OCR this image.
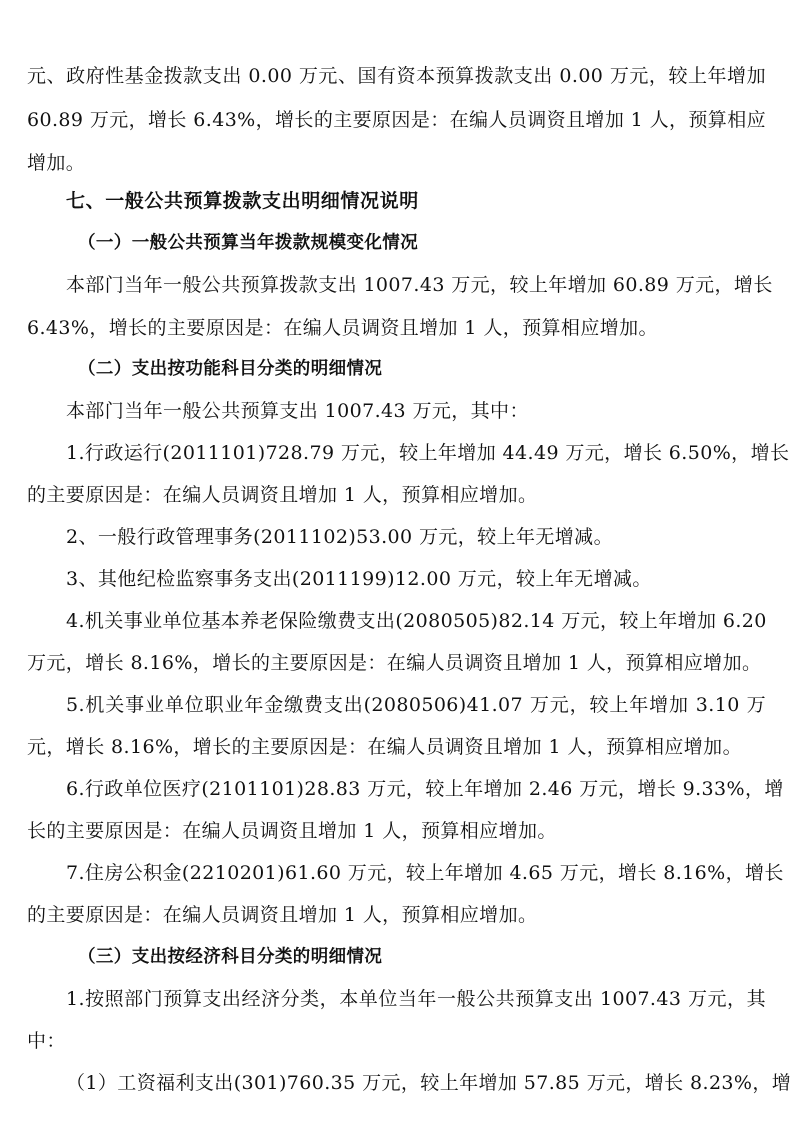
元、政府性基金拨款支出 0.00 万元、国有资本预算拨款支出 0.00 万元，较上年增加
60.89 万元，增长 6.43%，增长的主要原因是：在编人员调资且增加 1 人，预算相应
增加。
七、一般公共预算拨款支出明细情况说明
（一）一般公共预算当年拨款规模变化情况
本部门当年一般公共预算拨款支出 1007.43 万元，较上年增加 60.89 万元，增长
6.43%，增长的主要原因是：在编人员调资且增加 1 人，预算相应增加。
（二）支出按功能科目分类的明细情况
本部门当年一般公共预算支出 1007.43 万元，其中：
1.行政运行(2011101)728.79 万元，较上年增加 44.49 万元，增长 6.50%，增长
的主要原因是：在编人员调资且增加 1 人，预算相应增加。
2、一般行政管理事务(2011102)53.00 万元，较上年无增减。
3、其他纪检监察事务支出(2011199)12.00 万元，较上年无增减。
4.机关事业单位基本养老保险缴费支出(2080505)82.14 万元，较上年增加 6.20
万元，增长 8.16%，增长的主要原因是：在编人员调资且增加 1 人，预算相应增加。
5.机关事业单位职业年金缴费支出(2080506)41.07 万元，较上年增加 3.10 万
元，增长 8.16%，增长的主要原因是：在编人员调资且增加 1 人，预算相应增加。
6.行政单位医疗(2101101)28.83 万元，较上年增加 2.46 万元，增长 9.33%，增
长的主要原因是：在编人员调资且增加 1 人，预算相应增加。
7.住房公积金(2210201)61.60 万元，较上年增加 4.65 万元，增长 8.16%，增长
的主要原因是：在编人员调资且增加 1 人，预算相应增加。
（三）支出按经济科目分类的明细情况
1.按照部门预算支出经济分类，本单位当年一般公共预算支出 1007.43 万元，其
中：
（1）工资福利支出(301)760.35 万元，较上年增加 57.85 万元，增长 8.23%，增
